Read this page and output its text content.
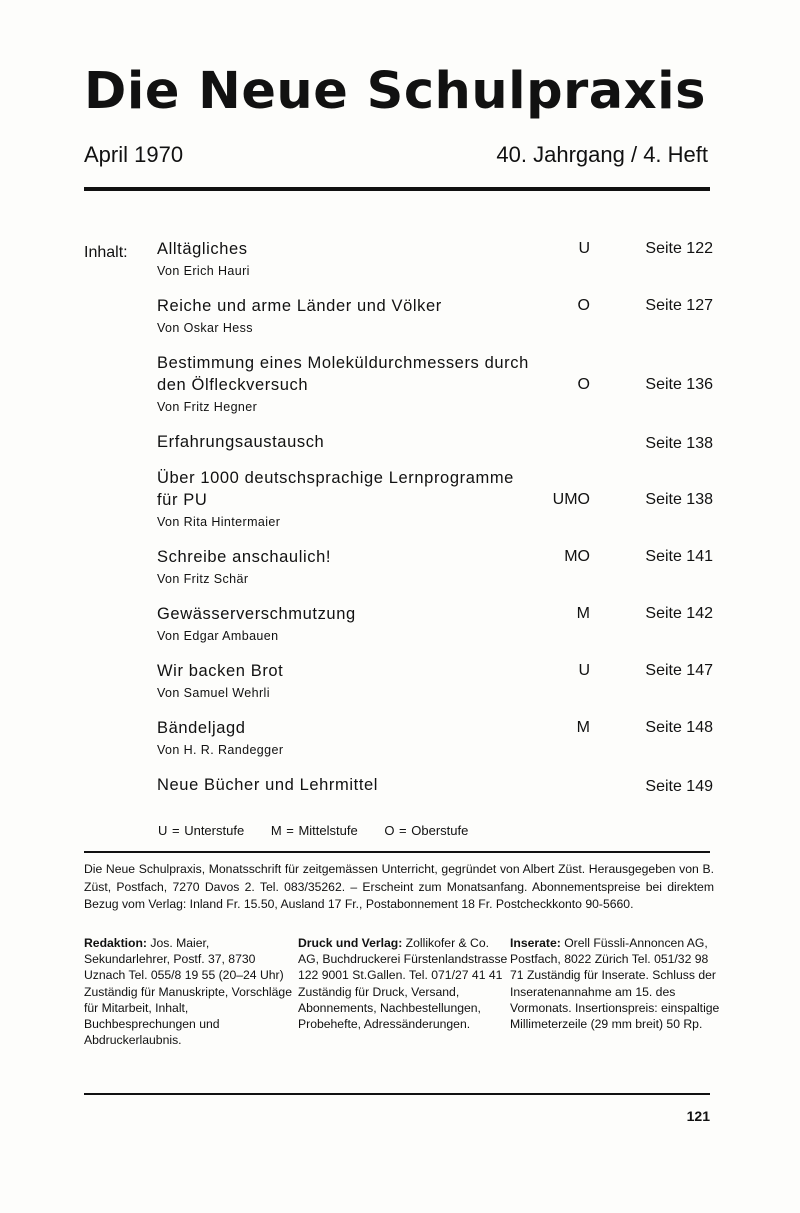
Die Neue Schulpraxis
April 1970	40. Jahrgang / 4. Heft
Inhalt: Alltägliches
Von Erich Hauri
U	Seite 122
Reiche und arme Länder und Völker
Von Oskar Hess
O	Seite 127
Bestimmung eines Moleküldurchmessers durch
den Ölfleckversuch
Von Fritz Hegner
O	Seite 136
Erfahrungsaustausch	Seite 138
Über 1000 deutschsprachige Lernprogramme
für PU
Von Rita Hintermaier
UMO	Seite 138
Schreibe anschaulich!
Von Fritz Schär
MO	Seite 141
Gewässerverschmutzung
Von Edgar Ambauen
M	Seite 142
Wir backen Brot
Von Samuel Wehrli
U	Seite 147
Bändeljagd
Von H. R. Randegger
M	Seite 148
Neue Bücher und Lehrmittel	Seite 149
U = Unterstufe M = Mittelstufe O = Oberstufe
Die Neue Schulpraxis, Monatsschrift für zeitgemässen Unterricht, gegründet von Albert Züst. Herausgegeben von B. Züst, Postfach, 7270 Davos 2. Tel. 083/35262. – Erscheint zum Monatsanfang. Abonnementspreise bei direktem Bezug vom Verlag: Inland Fr. 15.50, Ausland 17 Fr., Postabonnement 18 Fr. Postcheckkonto 90-5660.
Redaktion: Jos. Maier, Sekundarlehrer, Postf. 37, 8730 Uznach Tel. 055/8 19 55 (20–24 Uhr) Zuständig für Manuskripte, Vorschläge für Mitarbeit, Inhalt, Buchbesprechungen und Abdruckerlaubnis.
Druck und Verlag: Zollikofer & Co. AG, Buchdruckerei Fürstenlandstrasse 122 9001 St.Gallen. Tel. 071/27 41 41 Zuständig für Druck, Versand, Abonnements, Nachbestellungen, Probehefte, Adressänderungen.
Inserate: Orell Füssli-Annoncen AG, Postfach, 8022 Zürich Tel. 051/32 98 71 Zuständig für Inserate. Schluss der Inseratenannahme am 15. des Vormonats. Insertionspreis: einspaltige Millimeterzeile (29 mm breit) 50 Rp.
121
